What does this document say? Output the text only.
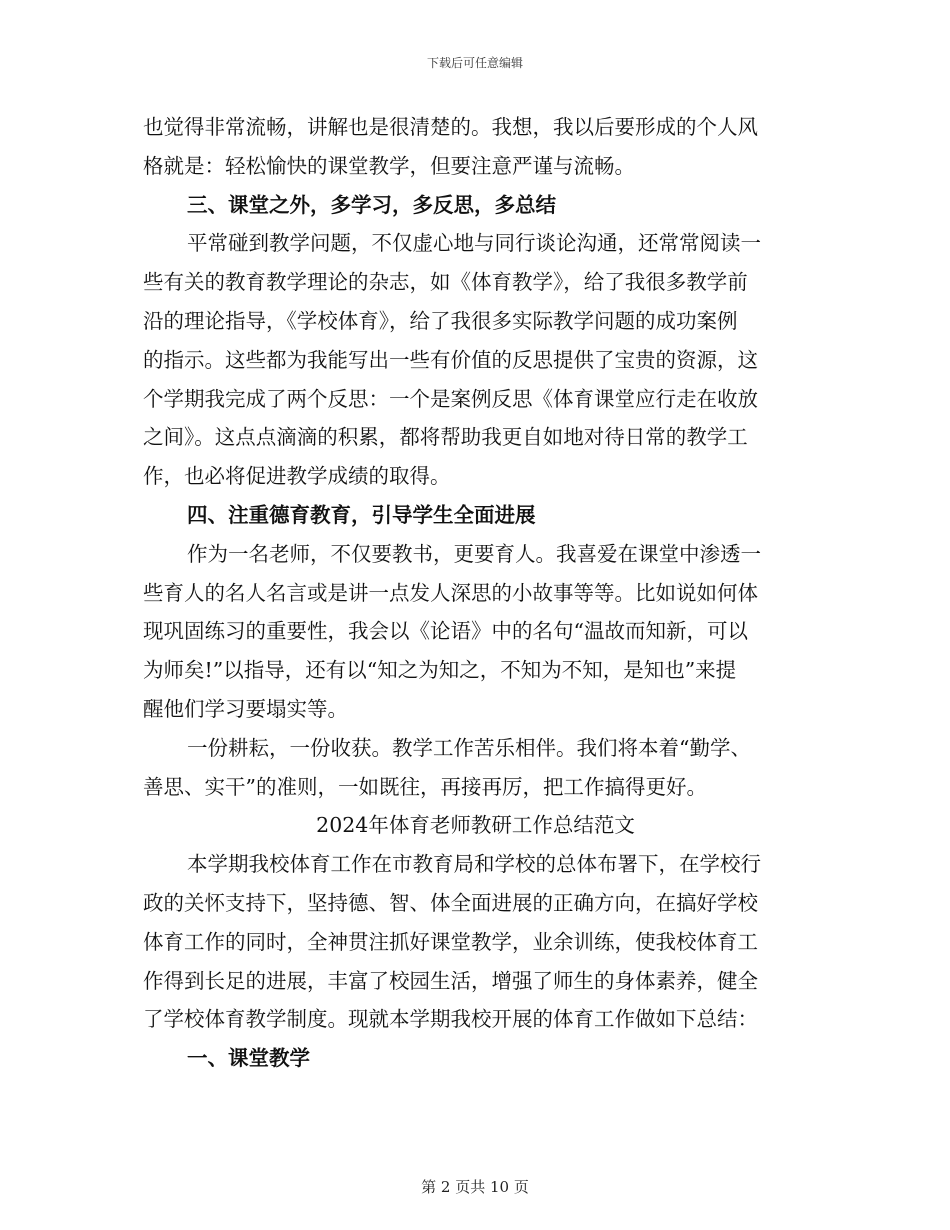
下载后可任意编辑
也觉得非常流畅，讲解也是很清楚的。我想，我以后要形成的个人风
格就是：轻松愉快的课堂教学，但要注意严谨与流畅。
三、课堂之外，多学习，多反思，多总结
平常碰到教学问题，不仅虚心地与同行谈论沟通，还常常阅读一
些有关的教育教学理论的杂志，如《体育教学》，给了我很多教学前
沿的理论指导，《学校体育》，给了我很多实际教学问题的成功案例
的指示。这些都为我能写出一些有价值的反思提供了宝贵的资源，这
个学期我完成了两个反思：一个是案例反思《体育课堂应行走在收放
之间》。这点点滴滴的积累，都将帮助我更自如地对待日常的教学工
作，也必将促进教学成绩的取得。
四、注重德育教育，引导学生全面进展
作为一名老师，不仅要教书，更要育人。我喜爱在课堂中渗透一
些育人的名人名言或是讲一点发人深思的小故事等等。比如说如何体
现巩固练习的重要性，我会以《论语》中的名句“温故而知新，可以
为师矣!”以指导，还有以“知之为知之，不知为不知，是知也”来提
醒他们学习要塌实等。
一份耕耘，一份收获。教学工作苦乐相伴。我们将本着“勤学、
善思、实干”的准则，一如既往，再接再厉，把工作搞得更好。
2024年体育老师教研工作总结范文
本学期我校体育工作在市教育局和学校的总体布署下，在学校行
政的关怀支持下，坚持德、智、体全面进展的正确方向，在搞好学校
体育工作的同时，全神贯注抓好课堂教学，业余训练，使我校体育工
作得到长足的进展，丰富了校园生活，增强了师生的身体素养，健全
了学校体育教学制度。现就本学期我校开展的体育工作做如下总结：
一、课堂教学
第 2 页共 10 页
